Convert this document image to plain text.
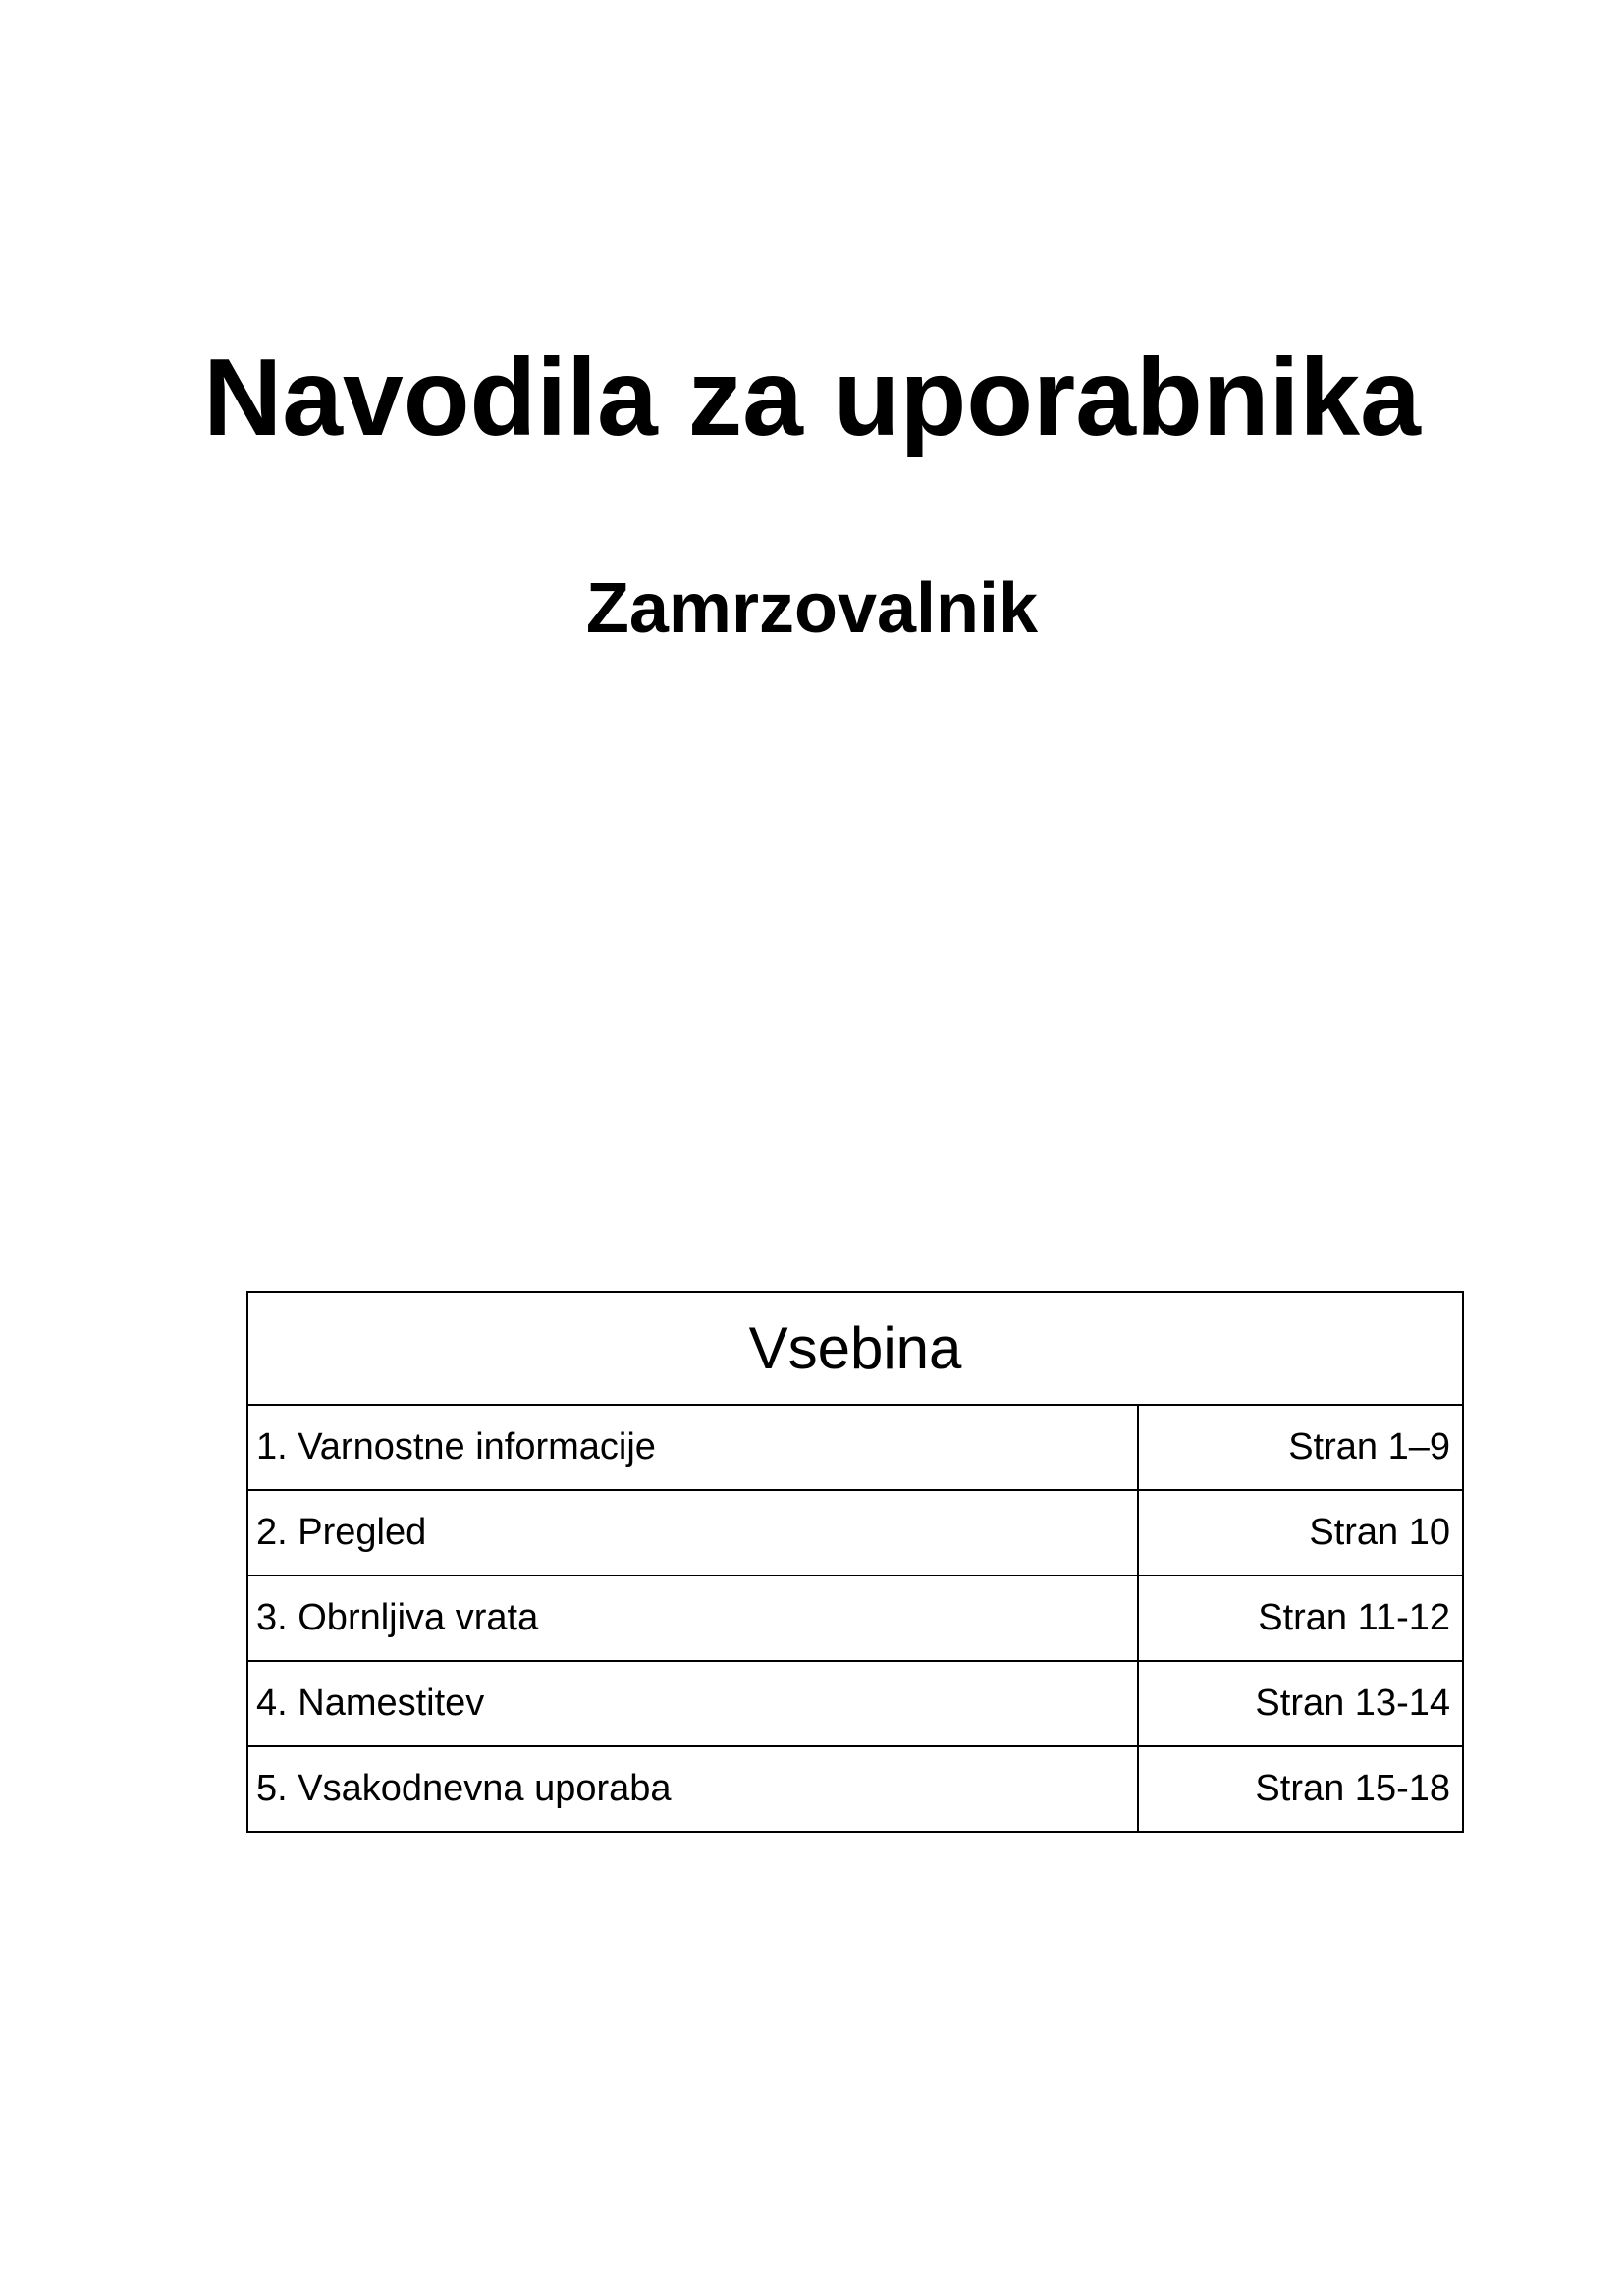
Navodila za uporabnika
Zamrzovalnik
Vsebina	
1. Varnostne informacije	Stran 1–9
2. Pregled	Stran 10
3. Obrnljiva vrata	Stran 11-12
4. Namestitev	Stran 13-14
5. Vsakodnevna uporaba	Stran 15-18
